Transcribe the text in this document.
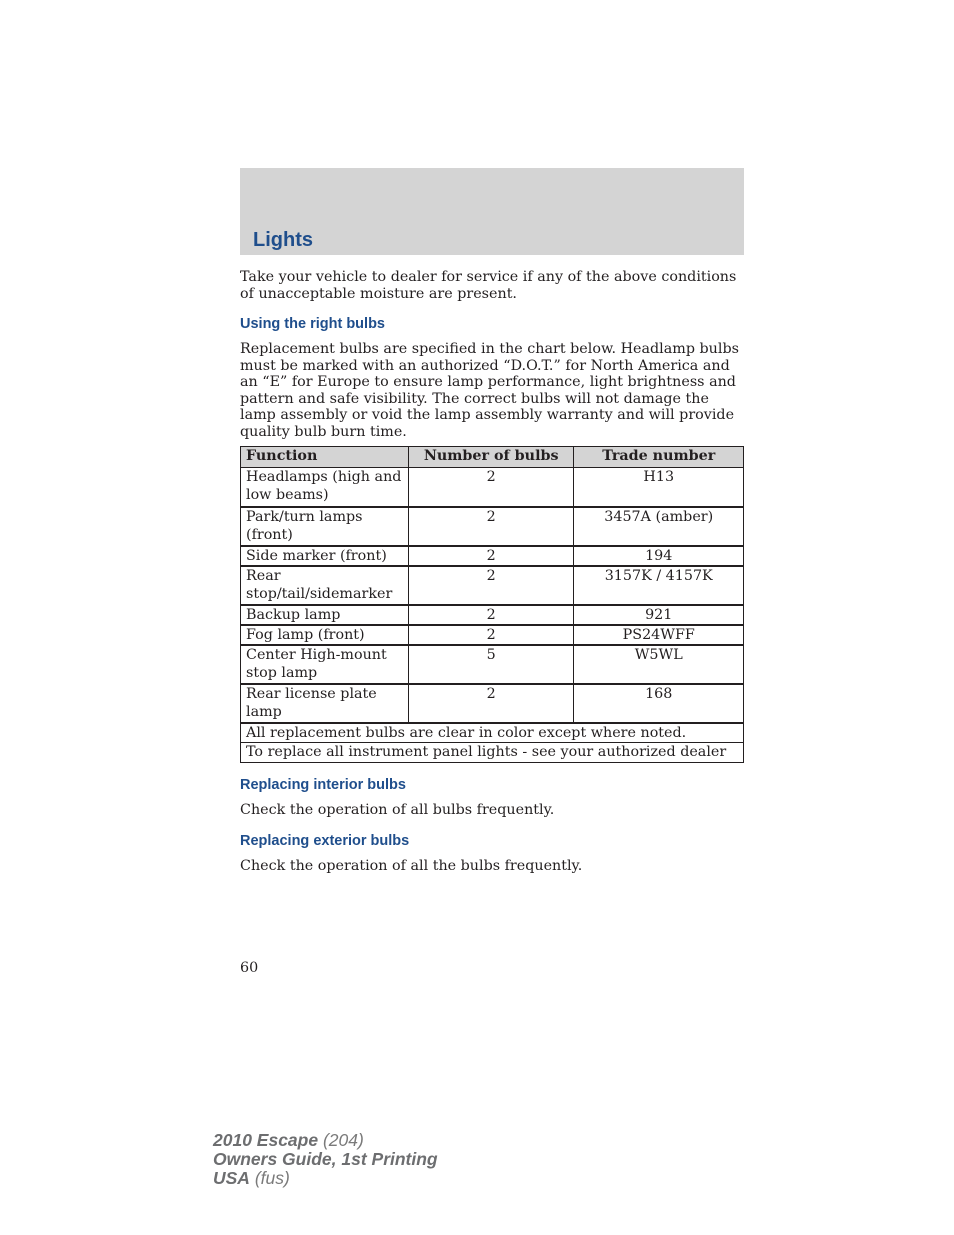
Lights
Take your vehicle to dealer for service if any of the above conditions of unacceptable moisture are present.
Using the right bulbs
Replacement bulbs are specified in the chart below. Headlamp bulbs must be marked with an authorized “D.O.T.” for North America and an “E” for Europe to ensure lamp performance, light brightness and pattern and safe visibility. The correct bulbs will not damage the lamp assembly or void the lamp assembly warranty and will provide quality bulb burn time.
Function	Number of bulbs	Trade number
Headlamps (high and low beams)	2	H13
Park/turn lamps (front)	2	3457A (amber)
Side marker (front)	2	194
Rear stop/tail/sidemarker	2	3157K / 4157K
Backup lamp	2	921
Fog lamp (front)	2	PS24WFF
Center High-mount stop lamp	5	W5WL
Rear license plate lamp	2	168
All replacement bulbs are clear in color except where noted.		
To replace all instrument panel lights - see your authorized dealer		
Replacing interior bulbs
Check the operation of all bulbs frequently.
Replacing exterior bulbs
Check the operation of all the bulbs frequently.
60
2010 Escape (204)
Owners Guide, 1st Printing
USA (fus)
